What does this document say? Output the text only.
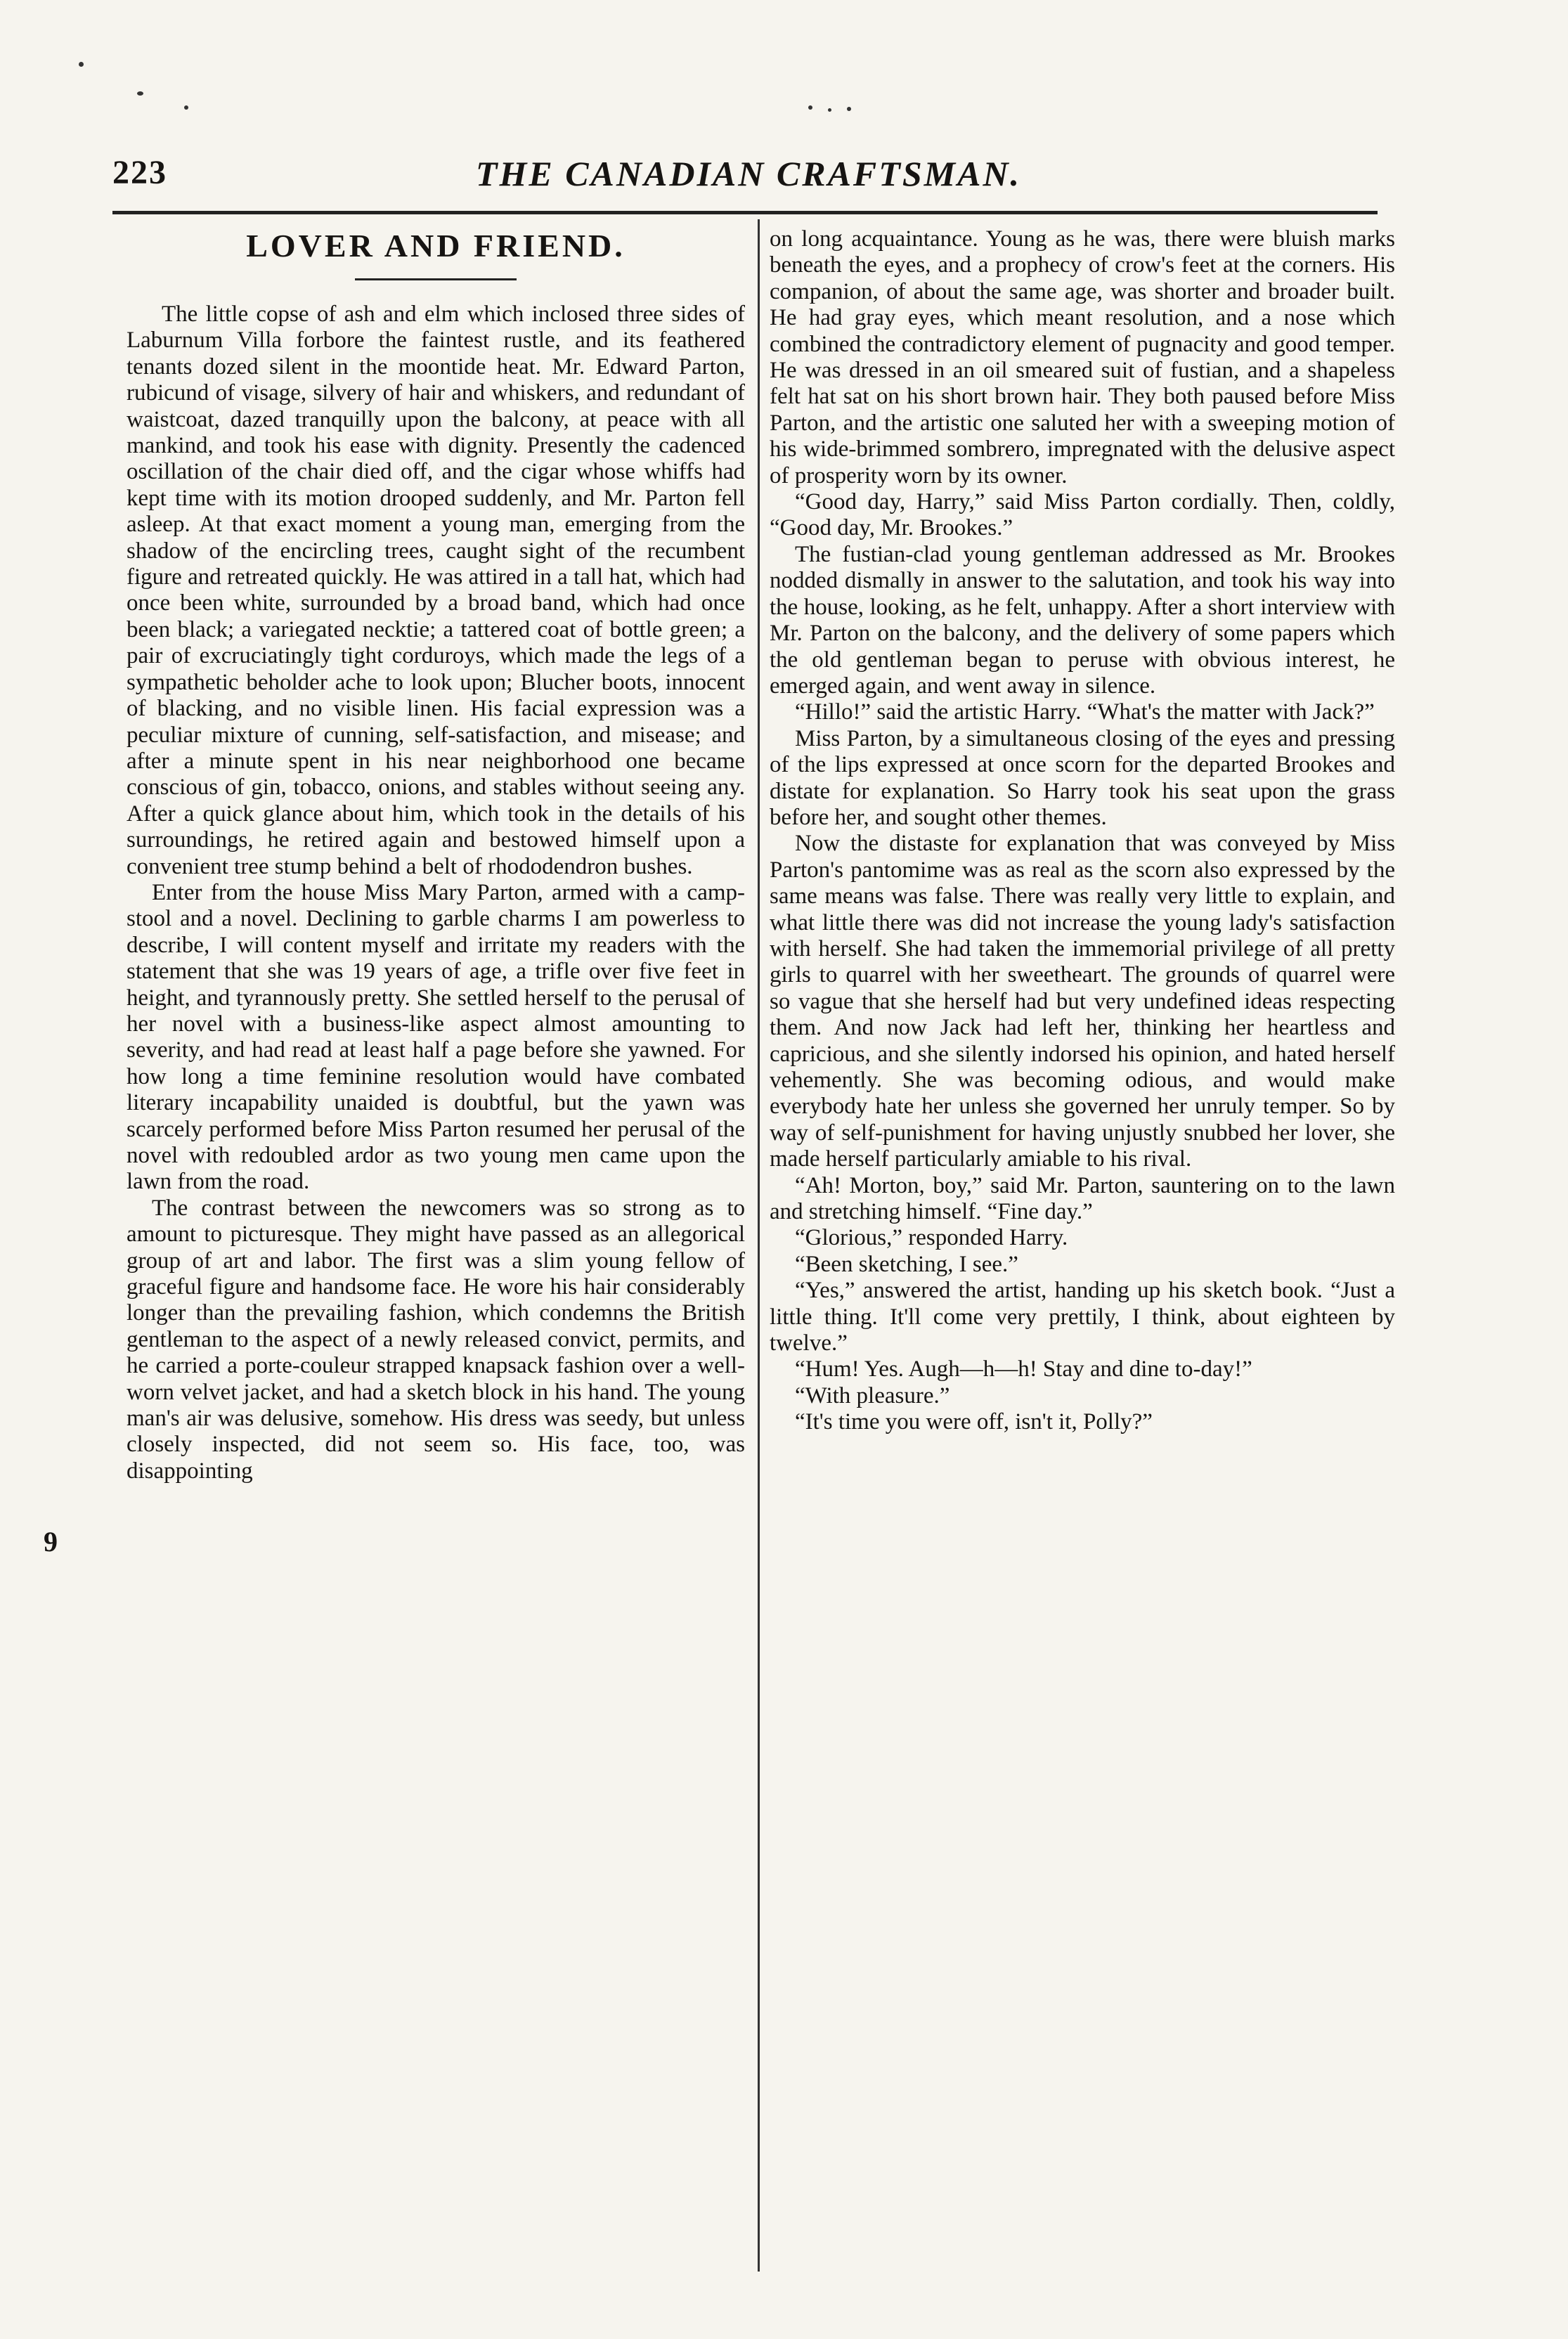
223	THE CANADIAN CRAFTSMAN.
9
LOVER AND FRIEND.

The little copse of ash and elm which inclosed three sides of Laburnum Villa forbore the faintest rustle, and its feathered tenants dozed silent in the moontide heat. Mr. Edward Parton, rubicund of visage, silvery of hair and whiskers, and redundant of waistcoat, dazed tranquilly upon the balcony, at peace with all mankind, and took his ease with dignity. Presently the cadenced oscillation of the chair died off, and the cigar whose whiffs had kept time with its motion drooped suddenly, and Mr. Parton fell asleep. At that exact moment a young man, emerging from the shadow of the encircling trees, caught sight of the recumbent figure and retreated quickly. He was attired in a tall hat, which had once been white, surrounded by a broad band, which had once been black; a variegated necktie; a tattered coat of bottle green; a pair of excruciatingly tight corduroys, which made the legs of a sympathetic beholder ache to look upon; Blucher boots, innocent of blacking, and no visible linen. His facial expression was a peculiar mixture of cunning, self-satisfaction, and misease; and after a minute spent in his near neighborhood one became conscious of gin, tobacco, onions, and stables without seeing any. After a quick glance about him, which took in the details of his surroundings, he retired again and bestowed himself upon a convenient tree stump behind a belt of rhododendron bushes.

Enter from the house Miss Mary Parton, armed with a camp-stool and a novel. Declining to garble charms I am powerless to describe, I will content myself and irritate my readers with the statement that she was 19 years of age, a trifle over five feet in height, and tyrannously pretty. She settled herself to the perusal of her novel with a business-like aspect almost amounting to severity, and had read at least half a page before she yawned. For how long a time feminine resolution would have combated literary incapability unaided is doubtful, but the yawn was scarcely performed before Miss Parton resumed her perusal of the novel with redoubled ardor as two young men came upon the lawn from the road.

The contrast between the newcomers was so strong as to amount to picturesque. They might have passed as an allegorical group of art and labor. The first was a slim young fellow of graceful figure and handsome face. He wore his hair considerably longer than the prevailing fashion, which condemns the British gentleman to the aspect of a newly released convict, permits, and he carried a porte-couleur strapped knapsack fashion over a well-worn velvet jacket, and had a sketch block in his hand. The young man's air was delusive, somehow. His dress was seedy, but unless closely inspected, did not seem so. His face, too, was disappointing

on long acquaintance. Young as he was, there were bluish marks beneath the eyes, and a prophecy of crow's feet at the corners. His companion, of about the same age, was shorter and broader built. He had gray eyes, which meant resolution, and a nose which combined the contradictory element of pugnacity and good temper. He was dressed in an oil smeared suit of fustian, and a shapeless felt hat sat on his short brown hair. They both paused before Miss Parton, and the artistic one saluted her with a sweeping motion of his wide-brimmed sombrero, impregnated with the delusive aspect of prosperity worn by its owner.

“Good day, Harry,” said Miss Parton cordially. Then, coldly, “Good day, Mr. Brookes.”

The fustian-clad young gentleman addressed as Mr. Brookes nodded dismally in answer to the salutation, and took his way into the house, looking, as he felt, unhappy. After a short interview with Mr. Parton on the balcony, and the delivery of some papers which the old gentleman began to peruse with obvious interest, he emerged again, and went away in silence.

“Hillo!” said the artistic Harry. “What's the matter with Jack?”

Miss Parton, by a simultaneous closing of the eyes and pressing of the lips expressed at once scorn for the departed Brookes and distate for explanation. So Harry took his seat upon the grass before her, and sought other themes.

Now the distaste for explanation that was conveyed by Miss Parton's pantomime was as real as the scorn also expressed by the same means was false. There was really very little to explain, and what little there was did not increase the young lady's satisfaction with herself. She had taken the immemorial privilege of all pretty girls to quarrel with her sweetheart. The grounds of quarrel were so vague that she herself had but very undefined ideas respecting them. And now Jack had left her, thinking her heartless and capricious, and she silently indorsed his opinion, and hated herself vehemently. She was becoming odious, and would make everybody hate her unless she governed her unruly temper. So by way of self-punishment for having unjustly snubbed her lover, she made herself particularly amiable to his rival.

“Ah! Morton, boy,” said Mr. Parton, sauntering on to the lawn and stretching himself. “Fine day.”

“Glorious,” responded Harry.

“Been sketching, I see.”

“Yes,” answered the artist, handing up his sketch book. “Just a little thing. It'll come very prettily, I think, about eighteen by twelve.”

“Hum! Yes. Augh—h—h! Stay and dine to-day!”

“With pleasure.”

“It's time you were off, isn't it, Polly?”
